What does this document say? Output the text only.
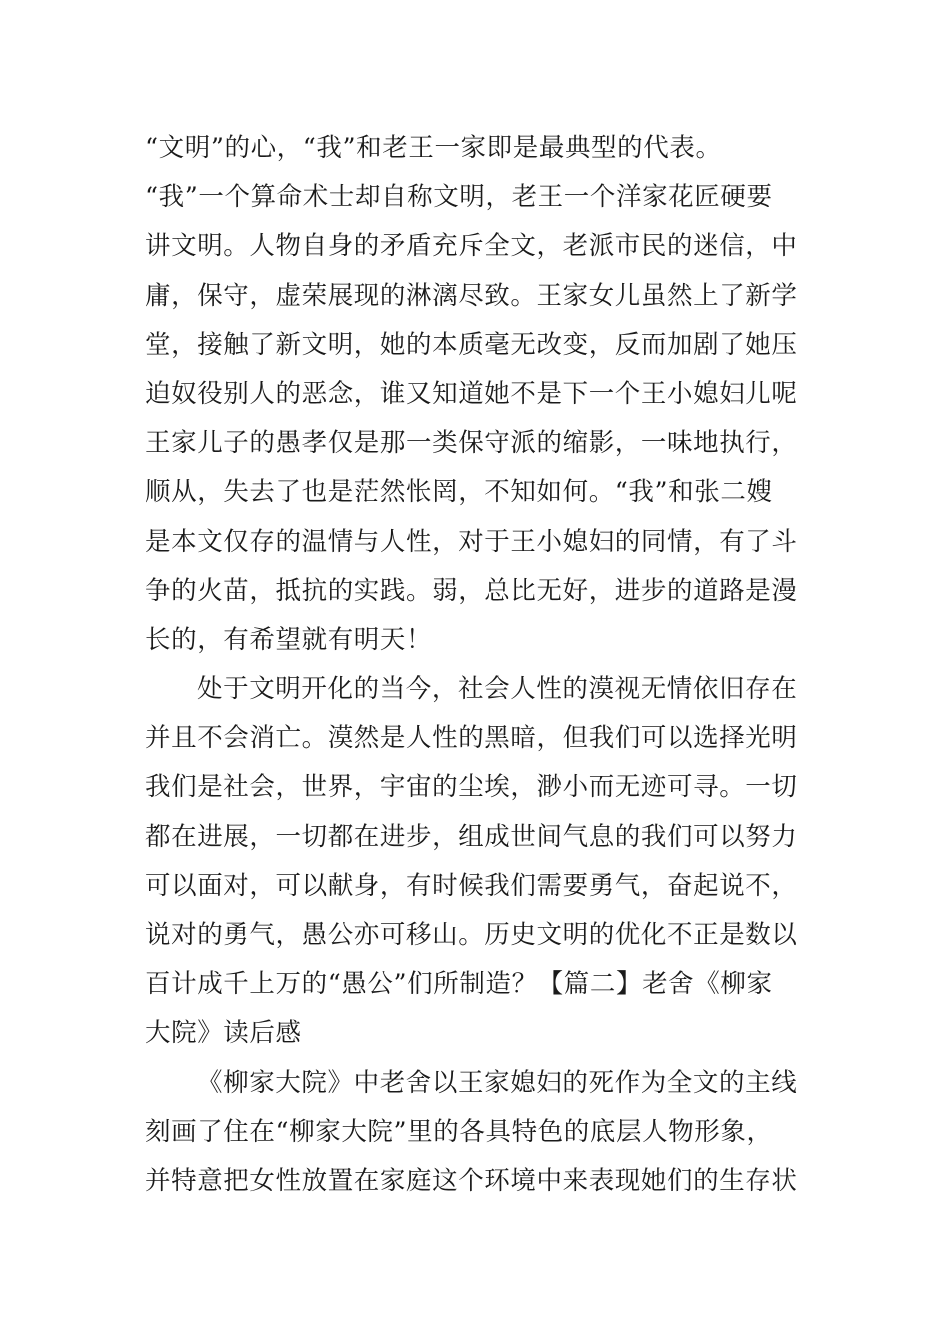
“文明”的心，“我”和老王一家即是最典型的代表。
“我”一个算命术士却自称文明，老王一个洋家花匠硬要
讲文明。人物自身的矛盾充斥全文，老派市民的迷信，中
庸，保守，虚荣展现的淋漓尽致。王家女儿虽然上了新学
堂，接触了新文明，她的本质毫无改变，反而加剧了她压
迫奴役别人的恶念，谁又知道她不是下一个王小媳妇儿呢
王家儿子的愚孝仅是那一类保守派的缩影，一味地执行，
顺从，失去了也是茫然怅罔，不知如何。“我”和张二嫂
是本文仅存的温情与人性，对于王小媳妇的同情，有了斗
争的火苗，抵抗的实践。弱，总比无好，进步的道路是漫
长的，有希望就有明天！
处于文明开化的当今，社会人性的漠视无情依旧存在
并且不会消亡。漠然是人性的黑暗，但我们可以选择光明
我们是社会，世界，宇宙的尘埃，渺小而无迹可寻。一切
都在进展，一切都在进步，组成世间气息的我们可以努力
可以面对，可以献身，有时候我们需要勇气，奋起说不，
说对的勇气，愚公亦可移山。历史文明的优化不正是数以
百计成千上万的“愚公”们所制造？【篇二】老舍《柳家
大院》读后感
《柳家大院》中老舍以王家媳妇的死作为全文的主线
刻画了住在“柳家大院”里的各具特色的底层人物形象，
并特意把女性放置在家庭这个环境中来表现她们的生存状
